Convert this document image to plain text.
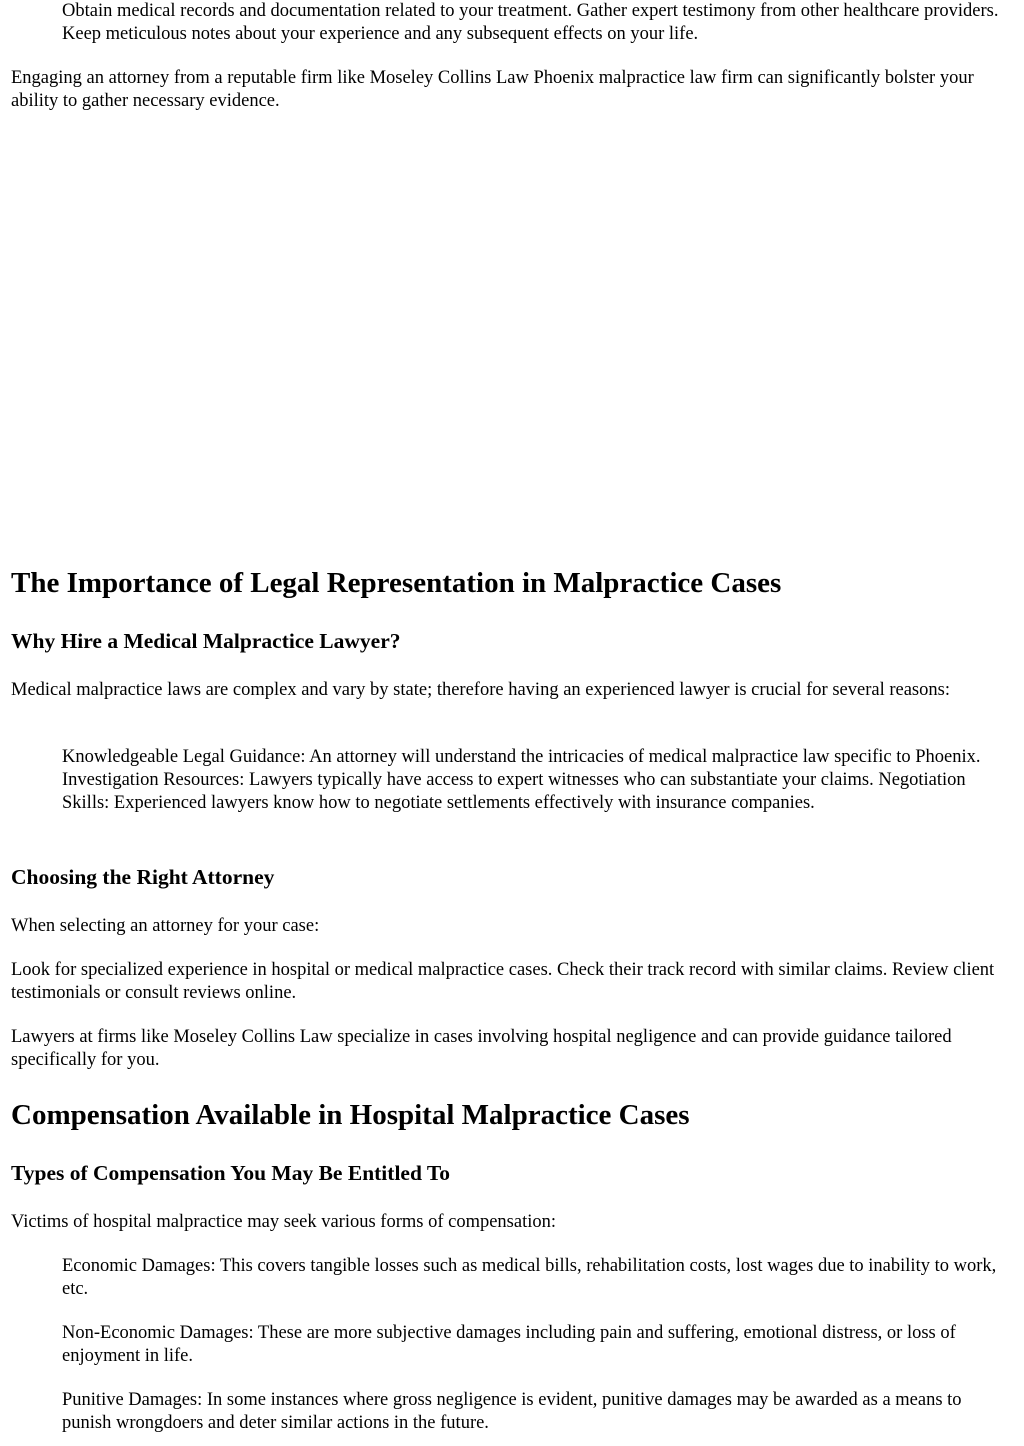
Obtain medical records and documentation related to your treatment. Gather expert testimony from other healthcare providers. Keep meticulous notes about your experience and any subsequent effects on your life.

Engaging an attorney from a reputable firm like Moseley Collins Law Phoenix malpractice law firm can significantly bolster your ability to gather necessary evidence.

The Importance of Legal Representation in Malpractice Cases
Why Hire a Medical Malpractice Lawyer?

Medical malpractice laws are complex and vary by state; therefore having an experienced lawyer is crucial for several reasons:

Knowledgeable Legal Guidance: An attorney will understand the intricacies of medical malpractice law specific to Phoenix. Investigation Resources: Lawyers typically have access to expert witnesses who can substantiate your claims. Negotiation Skills: Experienced lawyers know how to negotiate settlements effectively with insurance companies.

Choosing the Right Attorney

When selecting an attorney for your case:

Look for specialized experience in hospital or medical malpractice cases. Check their track record with similar claims. Review client testimonials or consult reviews online.

Lawyers at firms like Moseley Collins Law specialize in cases involving hospital negligence and can provide guidance tailored specifically for you.

Compensation Available in Hospital Malpractice Cases
Types of Compensation You May Be Entitled To

Victims of hospital malpractice may seek various forms of compensation:

Economic Damages: This covers tangible losses such as medical bills, rehabilitation costs, lost wages due to inability to work, etc.

Non-Economic Damages: These are more subjective damages including pain and suffering, emotional distress, or loss of enjoyment in life.

Punitive Damages: In some instances where gross negligence is evident, punitive damages may be awarded as a means to punish wrongdoers and deter similar actions in the future.
